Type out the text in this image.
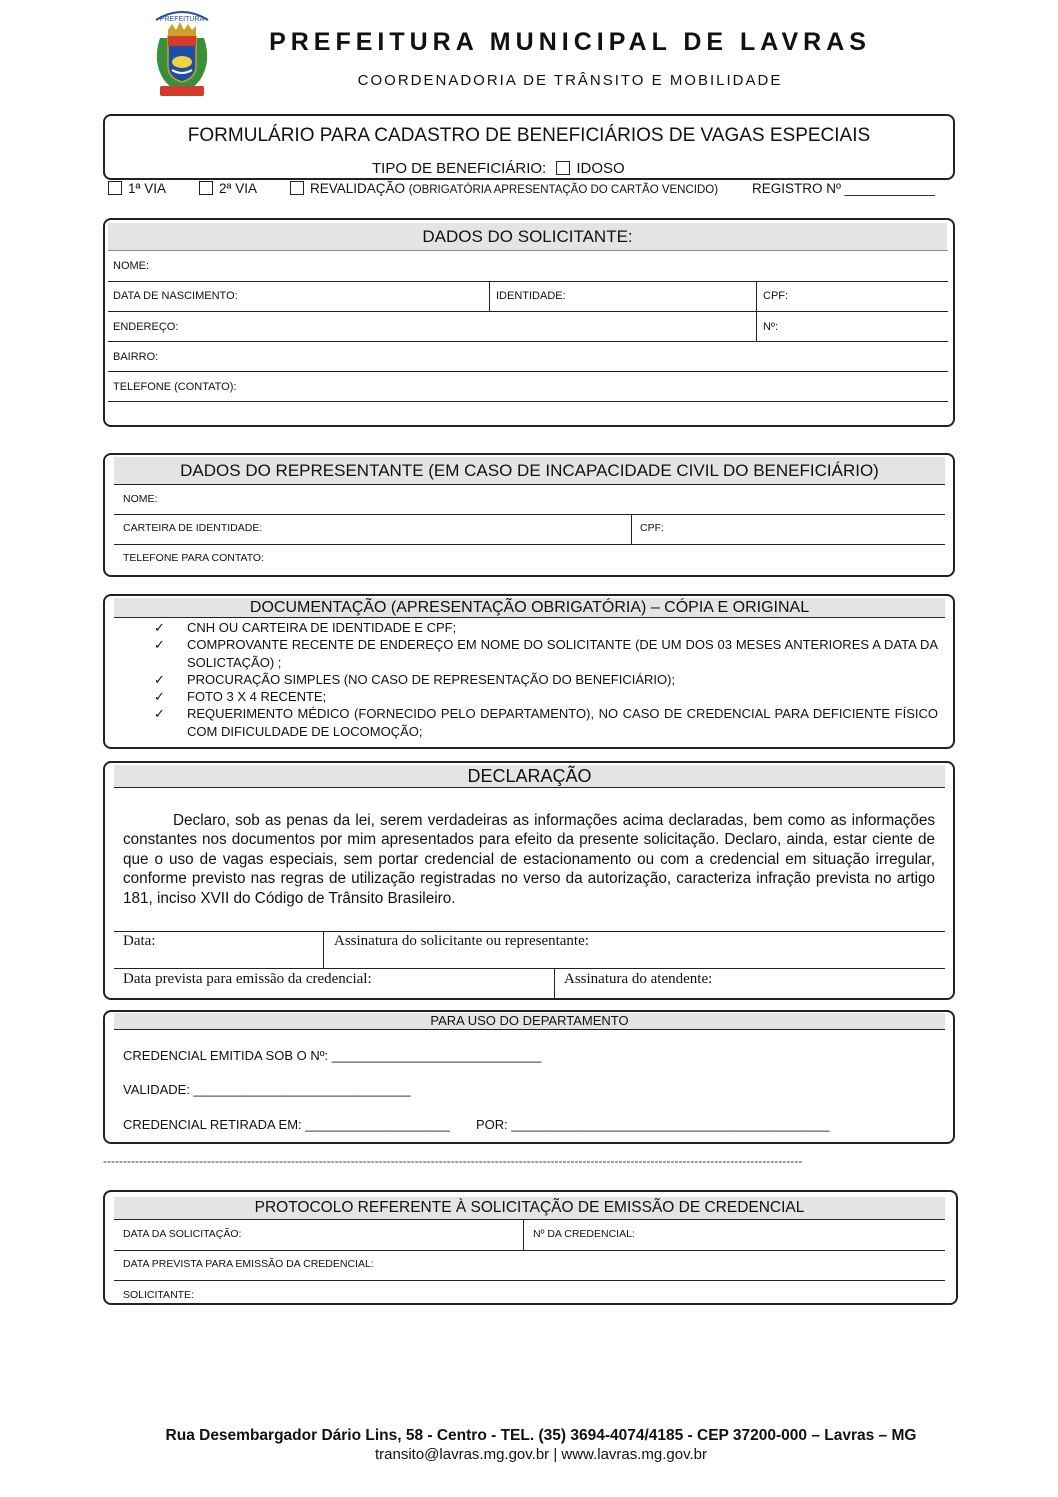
PREFEITURA
PREFEITURA MUNICIPAL DE LAVRAS
COORDENADORIA DE TRÂNSITO E MOBILIDADE
FORMULÁRIO PARA CADASTRO DE BENEFICIÁRIOS DE VAGAS ESPECIAIS
TIPO DE BENEFICIÁRIO: IDOSO
1ª VIA	2ª VIA	REVALIDAÇÃO (OBRIGATÓRIA APRESENTAÇÃO DO CARTÃO VENCIDO)	REGISTRO Nº ____________
DADOS DO SOLICITANTE:
NOME:
DATA DE NASCIMENTO:	IDENTIDADE:	CPF:
ENDEREÇO:	Nº:
BAIRRO:
TELEFONE (CONTATO):
DADOS DO REPRESENTANTE (EM CASO DE INCAPACIDADE CIVIL DO BENEFICIÁRIO)
NOME:
CARTEIRA DE IDENTIDADE:	CPF:
TELEFONE PARA CONTATO:
DOCUMENTAÇÃO (APRESENTAÇÃO OBRIGATÓRIA) – CÓPIA E ORIGINAL
✓ CNH OU CARTEIRA DE IDENTIDADE E CPF;
✓ COMPROVANTE RECENTE DE ENDEREÇO EM NOME DO SOLICITANTE (DE UM DOS 03 MESES ANTERIORES A DATA DA SOLICTAÇÃO) ;
✓ PROCURAÇÃO SIMPLES (NO CASO DE REPRESENTAÇÃO DO BENEFICIÁRIO);
✓ FOTO 3 X 4 RECENTE;
✓ REQUERIMENTO MÉDICO (FORNECIDO PELO DEPARTAMENTO), NO CASO DE CREDENCIAL PARA DEFICIENTE FÍSICO COM DIFICULDADE DE LOCOMOÇÃO;
DECLARAÇÃO
Declaro, sob as penas da lei, serem verdadeiras as informações acima declaradas, bem como as informações constantes nos documentos por mim apresentados para efeito da presente solicitação. Declaro, ainda, estar ciente de que o uso de vagas especiais, sem portar credencial de estacionamento ou com a credencial em situação irregular, conforme previsto nas regras de utilização registradas no verso da autorização, caracteriza infração prevista no artigo 181, inciso XVII do Código de Trânsito Brasileiro.
Data:	Assinatura do solicitante ou representante:
Data prevista para emissão da credencial:	Assinatura do atendente:
PARA USO DO DEPARTAMENTO
CREDENCIAL EMITIDA SOB O Nº: _____________________________
VALIDADE: ______________________________
CREDENCIAL RETIRADA EM: ____________________ POR: ____________________________________________
-------------------------------------------------------------------------------------------------------------------------------------------------------------------------------
PROTOCOLO REFERENTE À SOLICITAÇÃO DE EMISSÃO DE CREDENCIAL
DATA DA SOLICITAÇÃO:	Nº DA CREDENCIAL:
DATA PREVISTA PARA EMISSÃO DA CREDENCIAL:
SOLICITANTE:
Rua Desembargador Dário Lins, 58 - Centro - TEL. (35) 3694-4074/4185 - CEP 37200-000 – Lavras – MG
transito@lavras.mg.gov.br | www.lavras.mg.gov.br
